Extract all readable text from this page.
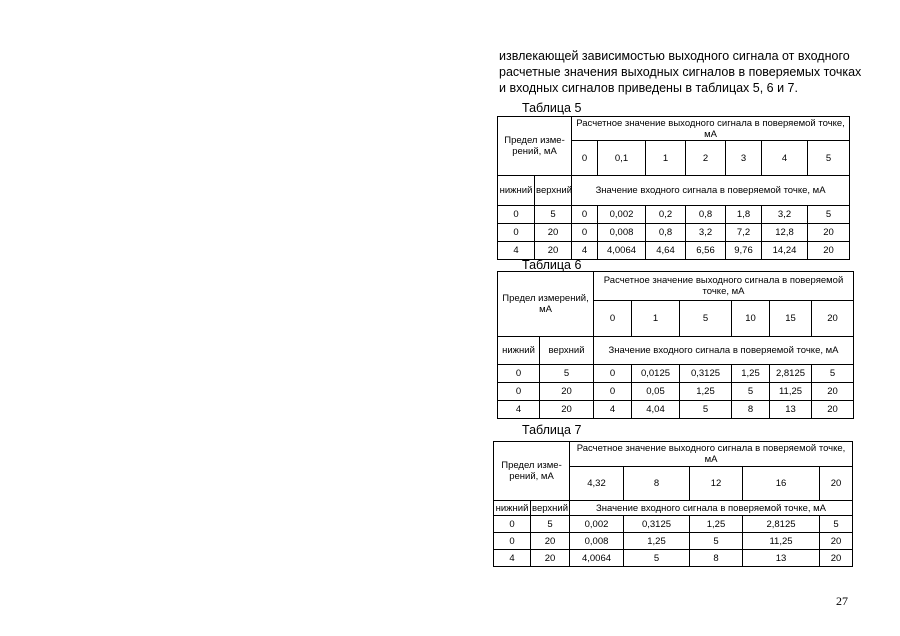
извлекающей зависимостью выходного сигнала от входного
расчетные значения выходных сигналов в поверяемых точках
и входных сигналов приведены в таблицах 5, 6 и 7.
Таблица 5
Предел изме-рений, мА		Расчетное значение выходного сигнала в поверяемой точке, мА						
		0	0,1	1	2	3	4	5
нижний	верхний	Значение входного сигнала в поверяемой точке, мА						
0	5	0	0,002	0,2	0,8	1,8	3,2	5
0	20	0	0,008	0,8	3,2	7,2	12,8	20
4	20	4	4,0064	4,64	6,56	9,76	14,24	20
Таблица 6
Предел измерений, мА		Расчетное значение выходного сигнала в поверяемой точке, мА					
		0	1	5	10	15	20
нижний	верхний	Значение входного сигнала в поверяемой точке, мА					
0	5	0	0,0125	0,3125	1,25	2,8125	5
0	20	0	0,05	1,25	5	11,25	20
4	20	4	4,04	5	8	13	20
Таблица 7
Предел изме-рений, мА		Расчетное значение выходного сигнала в поверяемой точке, мА				
		4,32	8	12	16	20
нижний	верхний	Значение входного сигнала в поверяемой точке, мА				
0	5	0,002	0,3125	1,25	2,8125	5
0	20	0,008	1,25	5	11,25	20
4	20	4,0064	5	8	13	20
27
